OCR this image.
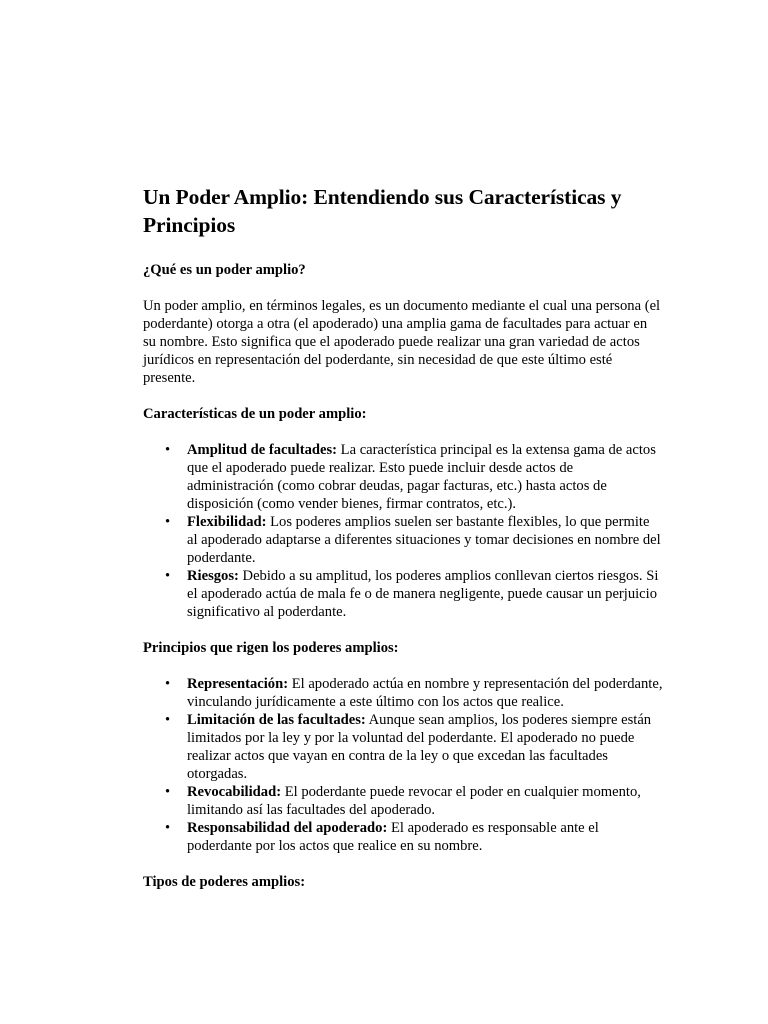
Un Poder Amplio: Entendiendo sus Características y Principios
¿Qué es un poder amplio?

Un poder amplio, en términos legales, es un documento mediante el cual una persona (el poderdante) otorga a otra (el apoderado) una amplia gama de facultades para actuar en su nombre. Esto significa que el apoderado puede realizar una gran variedad de actos jurídicos en representación del poderdante, sin necesidad de que este último esté presente.

Características de un poder amplio:
• Amplitud de facultades: La característica principal es la extensa gama de actos que el apoderado puede realizar. Esto puede incluir desde actos de administración (como cobrar deudas, pagar facturas, etc.) hasta actos de disposición (como vender bienes, firmar contratos, etc.).
• Flexibilidad: Los poderes amplios suelen ser bastante flexibles, lo que permite al apoderado adaptarse a diferentes situaciones y tomar decisiones en nombre del poderdante.
• Riesgos: Debido a su amplitud, los poderes amplios conllevan ciertos riesgos. Si el apoderado actúa de mala fe o de manera negligente, puede causar un perjuicio significativo al poderdante.
Principios que rigen los poderes amplios:
• Representación: El apoderado actúa en nombre y representación del poderdante, vinculando jurídicamente a este último con los actos que realice.
• Limitación de las facultades: Aunque sean amplios, los poderes siempre están limitados por la ley y por la voluntad del poderdante. El apoderado no puede realizar actos que vayan en contra de la ley o que excedan las facultades otorgadas.
• Revocabilidad: El poderdante puede revocar el poder en cualquier momento, limitando así las facultades del apoderado.
• Responsabilidad del apoderado: El apoderado es responsable ante el poderdante por los actos que realice en su nombre.
Tipos de poderes amplios:
